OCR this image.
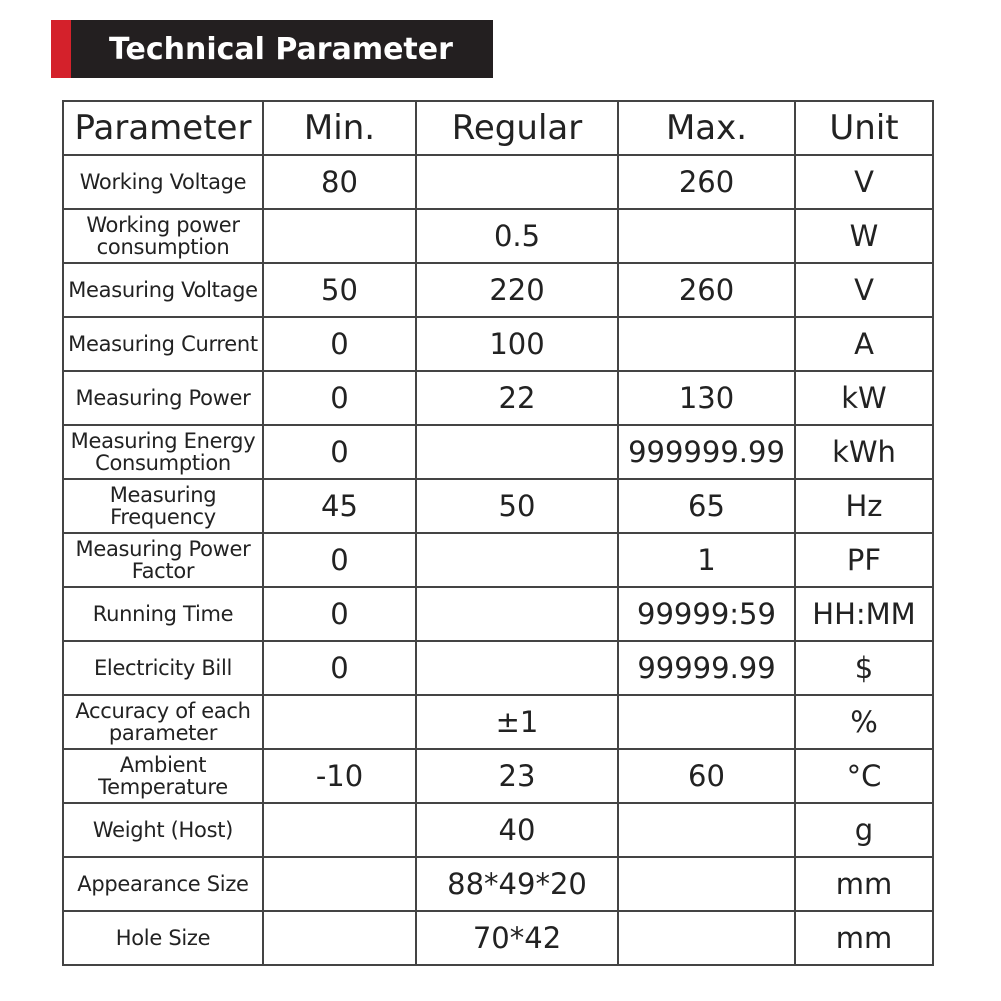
Technical Parameter
Parameter	Min.	Regular	Max.	Unit
Working Voltage	80		260	V
Working power consumption		0.5		W
Measuring Voltage	50	220	260	V
Measuring Current	0	100		A
Measuring Power	0	22	130	kW
Measuring Energy Consumption	0		999999.99	kWh
Measuring Frequency	45	50	65	Hz
Measuring Power Factor	0		1	PF
Running Time	0		99999:59	HH:MM
Electricity Bill	0		99999.99	$
Accuracy of each parameter		±1		%
Ambient Temperature	-10	23	60	°C
Weight (Host)		40		g
Appearance Size		88*49*20		mm
Hole Size		70*42		mm
